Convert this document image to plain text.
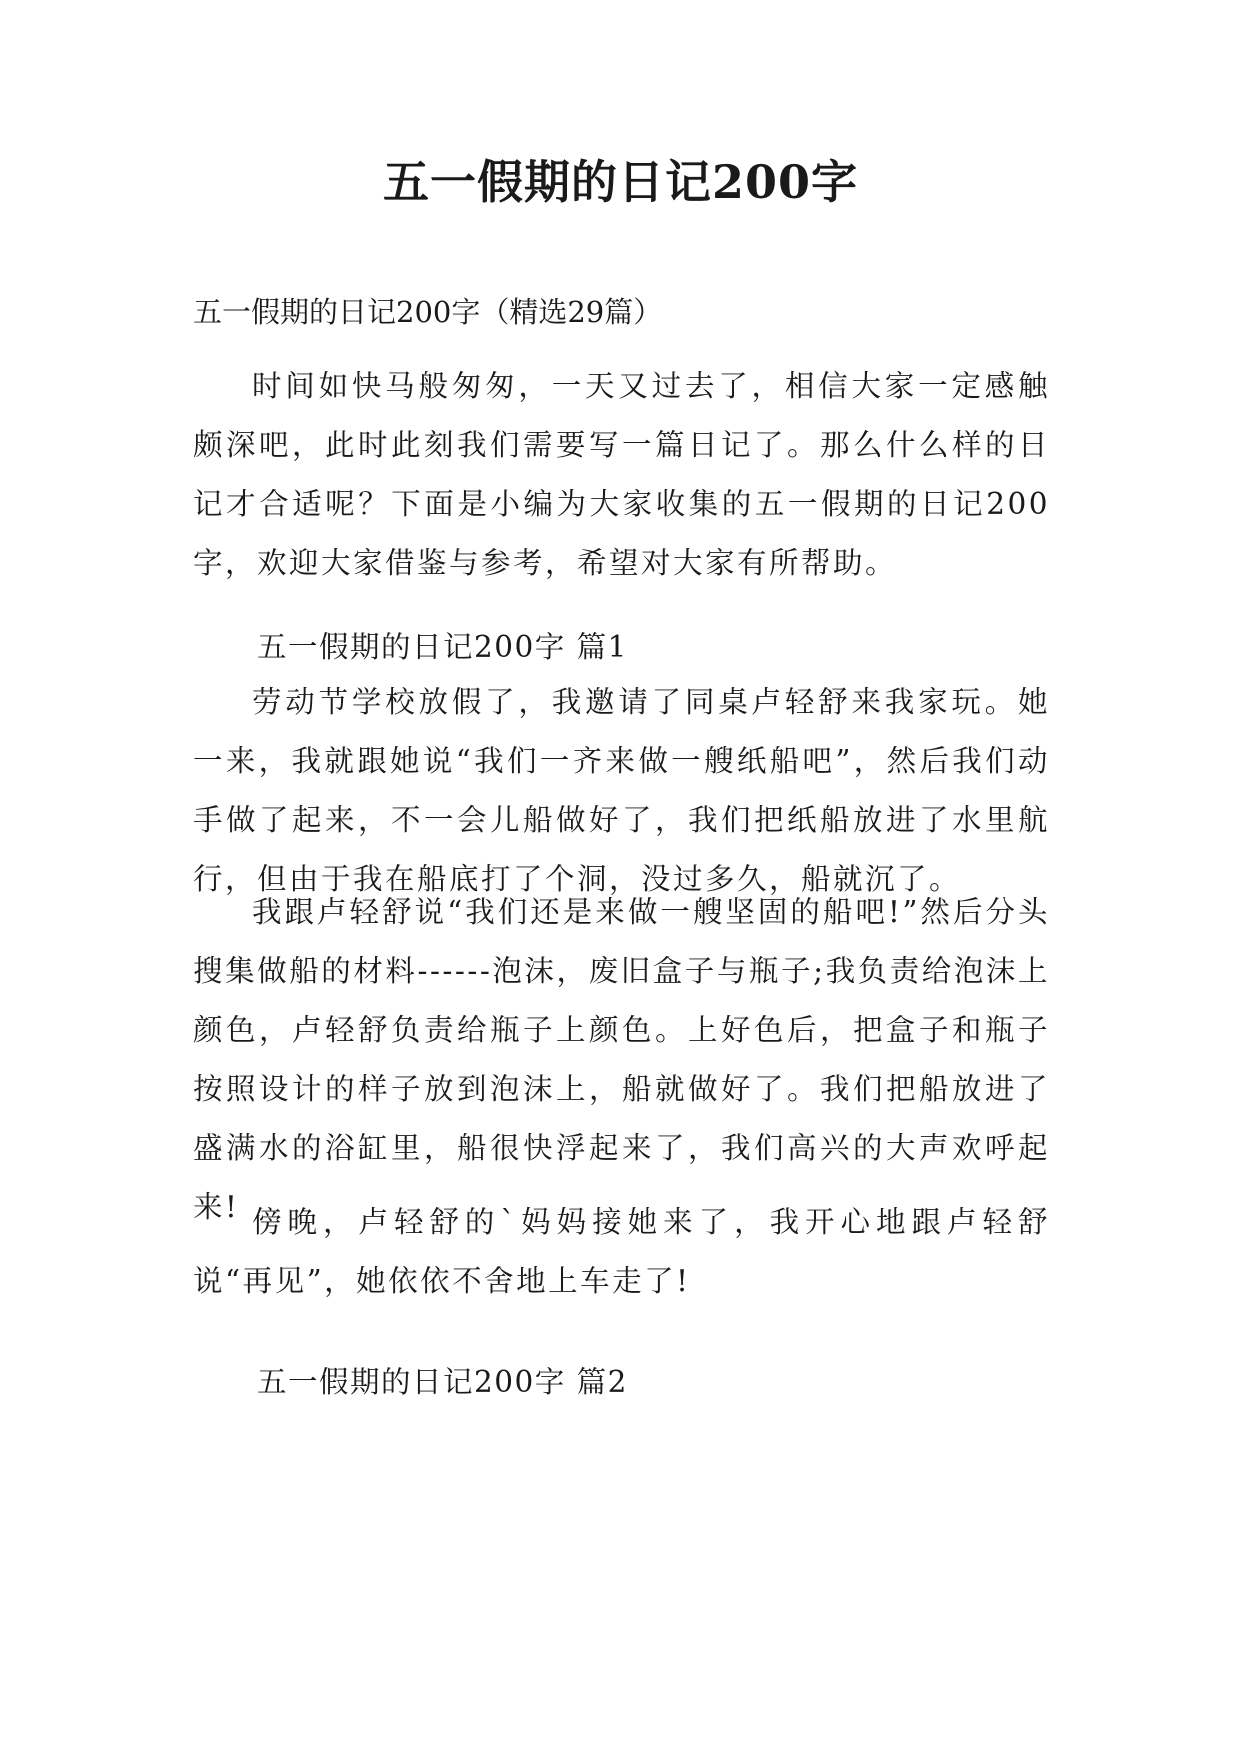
五一假期的日记200字

五一假期的日记200字（精选29篇）

时间如快马般匆匆，一天又过去了，相信大家一定感触颇深吧，此时此刻我们需要写一篇日记了。那么什么样的日记才合适呢？下面是小编为大家收集的五一假期的日记200字，欢迎大家借鉴与参考，希望对大家有所帮助。

五一假期的日记200字 篇1

劳动节学校放假了，我邀请了同桌卢轻舒来我家玩。她一来，我就跟她说“我们一齐来做一艘纸船吧”，然后我们动手做了起来，不一会儿船做好了，我们把纸船放进了水里航行，但由于我在船底打了个洞，没过多久，船就沉了。

我跟卢轻舒说“我们还是来做一艘坚固的船吧!”然后分头搜集做船的材料------泡沫，废旧盒子与瓶子;我负责给泡沫上颜色，卢轻舒负责给瓶子上颜色。上好色后，把盒子和瓶子按照设计的样子放到泡沫上，船就做好了。我们把船放进了盛满水的浴缸里，船很快浮起来了，我们高兴的大声欢呼起来! 傍晚，卢轻舒的`妈妈接她来了，我开心地跟卢轻舒说“再见”，她依依不舍地上车走了!

五一假期的日记200字 篇2
